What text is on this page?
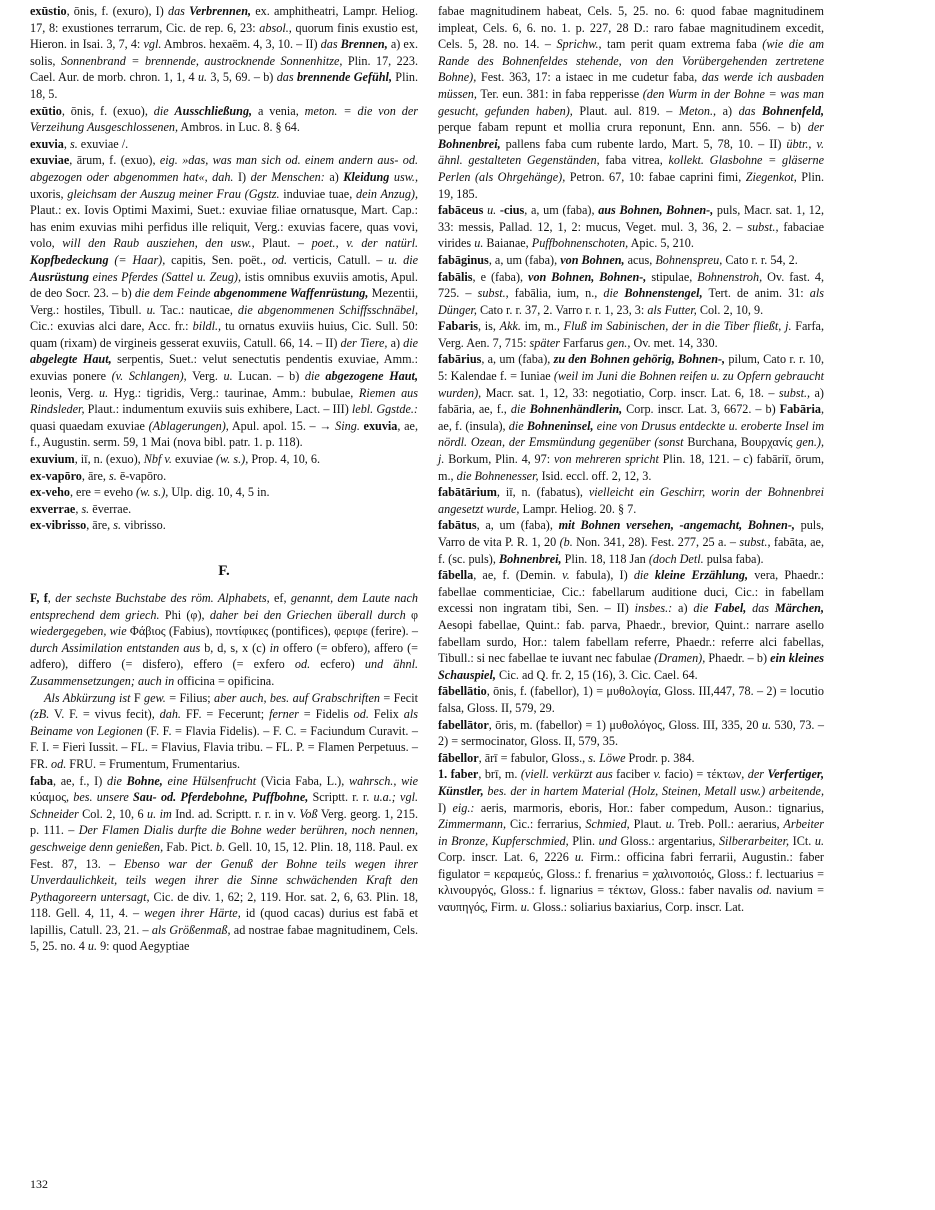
exūstio, ōnis, f. (exuro), I) das Verbrennen, ex. amphitheatri, Lampr. Heliog. 17, 8: exustiones terrarum, Cic. de rep. 6, 23: absol., quorum finis exustio est, Hieron. in Isai. 3, 7, 4: vgl. Ambros. hexaëm. 4, 3, 10. – II) das Brennen, a) ex. solis, Sonnenbrand = brennende, austrocknende Sonnenhitze, Plin. 17, 223. Cael. Aur. de morb. chron. 1, 1, 4 u. 3, 5, 69. – b) das brennende Gefühl, Plin. 18, 5.

exūtio, ōnis, f. (exuo), die Ausschließung, a venia, meton. = die von der Verzeihung Ausgeschlossenen, Ambros. in Luc. 8. § 64.

exuvia, s. exuviae /.

exuviae, ārum, f. (exuo), eig. »das, was man sich od. einem andern aus- od. abgezogen oder abgenommen hat«, dah. I) der Menschen: a) Kleidung usw., uxoris, gleichsam der Auszug meiner Frau (Ggstz. induviae tuae, dein Anzug), Plaut.: ex. Iovis Optimi Maximi, Suet.: exuviae filiae ornatusque, Mart. Cap.: has enim exuvias mihi perfidus ille reliquit, Verg.: exuvias facere, quas vovi, volo, will den Raub ausziehen, den usw., Plaut. – poet., v. der natürl. Kopfbedeckung (= Haar), capitis, Sen. poët., od. verticis, Catull. – u. die Ausrüstung eines Pferdes (Sattel u. Zeug), istis omnibus exuviis amotis, Apul. de deo Socr. 23. – b) die dem Feinde abgenommene Waffenrüstung, Mezentii, Verg.: hostiles, Tibull. u. Tac.: nauticae, die abgenommenen Schiffsschnäbel, Cic.: exuvias alci dare, Acc. fr.: bildl., tu ornatus exuviis huius, Cic. Sull. 50: quam (rixam) de virgineis gesserat exuviis, Catull. 66, 14. – II) der Tiere, a) die abgelegte Haut, serpentis, Suet.: velut senectutis pendentis exuviae, Amm.: exuvias ponere (v. Schlangen), Verg. u. Lucan. – b) die abgezogene Haut, leonis, Verg. u. Hyg.: tigridis, Verg.: taurinae, Amm.: bubulae, Riemen aus Rindsleder, Plaut.: indumentum exuviis suis exhibere, Lact. – III) lebl. Ggstde.: quasi quaedam exuviae (Ablagerungen), Apul. apol. 15. – → Sing. exuvia, ae, f., Augustin. serm. 59, 1 Mai (nova bibl. patr. 1. p. 118).

exuvium, iī, n. (exuo), Nbf v. exuviae (w. s.), Prop. 4, 10, 6.

ex-vapōro, āre, s. ē-vapōro.

ex-veho, ere = eveho (w. s.), Ulp. dig. 10, 4, 5 in.

exverrae, s. ēverrae.

ex-vibrisso, āre, s. vibrisso.

F.

F, f, der sechste Buchstabe des röm. Alphabets, ef, genannt, dem Laute nach entsprechend dem griech. Phi (φ), daher bei den Griechen überall durch φ wiedergegeben, wie Φάβιος (Fabius), ποντίφικες (pontifices), φεριφε (ferire). – durch Assimilation entstanden aus b, d, s, x (c) in offero (= obfero), affero (= adfero), differo (= disfero), effero (= exfero od. ecfero) und ähnl. Zusammensetzungen; auch in officina = opificina.

Als Abkürzung ist F gew. = Filius; aber auch, bes. auf Grabschriften = Fecit (zB. V. F. = vivus fecit), dah. FF. = Fecerunt; ferner = Fidelis od. Felix als Beiname von Legionen (F. F. = Flavia Fidelis). – F. C. = Faciundum Curavit. – F. I. = Fieri Iussit. – FL. = Flavius, Flavia tribu. – FL. P. = Flamen Perpetuus. – FR. od. FRU. = Frumentum, Frumentarius.

faba, ae, f., I) die Bohne, eine Hülsenfrucht (Vicia Faba, L.), wahrsch., wie κύαμος, bes. unsere Sau- od. Pferdebohne, Puffbohne, Scriptt. r. r. u.a.; vgl. Schneider Col. 2, 10, 6 u. im Ind. ad. Scriptt. r. r. in v. Voß Verg. georg. 1, 215. p. 111. – Der Flamen Dialis durfte die Bohne weder berühren, noch nennen, geschweige denn genießen, Fab. Pict. b. Gell. 10, 15, 12. Plin. 18, 118. Paul. ex Fest. 87, 13. – Ebenso war der Genuß der Bohne teils wegen ihrer Unverdaulichkeit, teils wegen ihrer die Sinne schwächenden Kraft den Pythagoreern untersagt, Cic. de div. 1, 62; 2, 119. Hor. sat. 2, 6, 63. Plin. 18, 118. Gell. 4, 11, 4. – wegen ihrer Härte, id (quod cacas) durius est fabā et lapillis, Catull. 23, 21. – als Größenmaß, ad nostrae fabae magnitudinem, Cels. 5, 25. no. 4 u. 9: quod Aegyptiae

fabae magnitudinem habeat, Cels. 5, 25. no. 6: quod fabae magnitudinem impleat, Cels. 6, 6. no. 1. p. 227, 28 D.: raro fabae magnitudinem excedit, Cels. 5, 28. no. 14. – Sprichw., tam perit quam extrema faba (wie die am Rande des Bohnenfeldes stehende, von den Vorübergehenden zertretene Bohne), Fest. 363, 17: a istaec in me cudetur faba, das werde ich ausbaden müssen, Ter. eun. 381: in faba repperisse (den Wurm in der Bohne = was man gesucht, gefunden haben), Plaut. aul. 819. – Meton., a) das Bohnenfeld, perque fabam repunt et mollia crura reponunt, Enn. ann. 556. – b) der Bohnenbrei, pallens faba cum rubente lardo, Mart. 5, 78, 10. – II) übtr., v. ähnl. gestalteten Gegenständen, faba vitrea, kollekt. Glasbohne = gläserne Perlen (als Ohrgehänge), Petron. 67, 10: fabae caprini fimi, Ziegenkot, Plin. 19, 185.

fabāceus u. -cius, a, um (faba), aus Bohnen, Bohnen-, puls, Macr. sat. 1, 12, 33: messis, Pallad. 12, 1, 2: mucus, Veget. mul. 3, 36, 2. – subst., fabaciae virides u. Baianae, Puffbohnenschoten, Apic. 5, 210.

fabāginus, a, um (faba), von Bohnen, acus, Bohnenspreu, Cato r. r. 54, 2.

fabālis, e (faba), von Bohnen, Bohnen-, stipulae, Bohnenstroh, Ov. fast. 4, 725. – subst., fabālia, ium, n., die Bohnenstengel, Tert. de anim. 31: als Dünger, Cato r. r. 37, 2. Varro r. r. 1, 23, 3: als Futter, Col. 2, 10, 9.

Fabaris, is, Akk. im, m., Fluß im Sabinischen, der in die Tiber fließt, j. Farfa, Verg. Aen. 7, 715: später Farfarus gen., Ov. met. 14, 330.

fabārius, a, um (faba), zu den Bohnen gehörig, Bohnen-, pilum, Cato r. r. 10, 5: Kalendae f. = Iuniae (weil im Juni die Bohnen reifen u. zu Opfern gebraucht wurden), Macr. sat. 1, 12, 33: negotiatio, Corp. inscr. Lat. 6, 18. – subst., a) fabāria, ae, f., die Bohnenhändlerin, Corp. inscr. Lat. 3, 6672. – b) Fabāria, ae, f. (insula), die Bohneninsel, eine von Drusus entdeckte u. eroberte Insel im nördl. Ozean, der Emsmündung gegenüber (sonst Burchana, Βουρχανίς gen.), j. Borkum, Plin. 4, 97: von mehreren spricht Plin. 18, 121. – c) fabāriī, ōrum, m., die Bohnenesser, Isid. eccl. off. 2, 12, 3.

fabātārium, iī, n. (fabatus), vielleicht ein Geschirr, worin der Bohnenbrei angesetzt wurde, Lampr. Heliog. 20. § 7.

fabātus, a, um (faba), mit Bohnen versehen, -angemacht, Bohnen-, puls, Varro de vita P. R. 1, 20 (b. Non. 341, 28). Fest. 277, 25 a. – subst., fabāta, ae, f. (sc. puls), Bohnenbrei, Plin. 18, 118 Jan (doch Detl. pulsa faba).

fābella, ae, f. (Demin. v. fabula), I) die kleine Erzählung, vera, Phaedr.: fabellae commenticiae, Cic.: fabellarum auditione duci, Cic.: in fabellam excessi non ingratam tibi, Sen. – II) insbes.: a) die Fabel, das Märchen, Aesopi fabellae, Quint.: fab. parva, Phaedr., brevior, Quint.: narrare asello fabellam surdo, Hor.: talem fabellam referre, Phaedr.: referre alci fabellas, Tibull.: si nec fabellae te iuvant nec fabulae (Dramen), Phaedr. – b) ein kleines Schauspiel, Cic. ad Q. fr. 2, 15 (16), 3. Cic. Cael. 64.

fābellātio, ōnis, f. (fabellor), 1) = μυθολογία, Gloss. III,447, 78. – 2) = locutio falsa, Gloss. II, 579, 29.

fabellātor, ōris, m. (fabellor) = 1) μυθολόγος, Gloss. III, 335, 20 u. 530, 73. – 2) = sermocinator, Gloss. II, 579, 35.

fābellor, ārī = fabulor, Gloss., s. Löwe Prodr. p. 384.

1. faber, brī, m. (viell. verkürzt aus faciber v. facio) = τέκτων, der Verfertiger, Künstler, bes. der in hartem Material (Holz, Steinen, Metall usw.) arbeitende, I) eig.: aeris, marmoris, eboris, Hor.: faber compedum, Auson.: tignarius, Zimmermann, Cic.: ferrarius, Schmied, Plaut. u. Treb. Poll.: aerarius, Arbeiter in Bronze, Kupferschmied, Plin. und Gloss.: argentarius, Silberarbeiter, ICt. u. Corp. inscr. Lat. 6, 2226 u. Firm.: officina fabri ferrarii, Augustin.: faber figulator = κεραμεύς, Gloss.: f. frenarius = χαλινοποιός, Gloss.: f. lectuarius = κλινουργός, Gloss.: f. lignarius = τέκτων, Gloss.: faber navalis od. navium = ναυπηγός, Firm. u. Gloss.: soliarius baxiarius, Corp. inscr. Lat.

132
